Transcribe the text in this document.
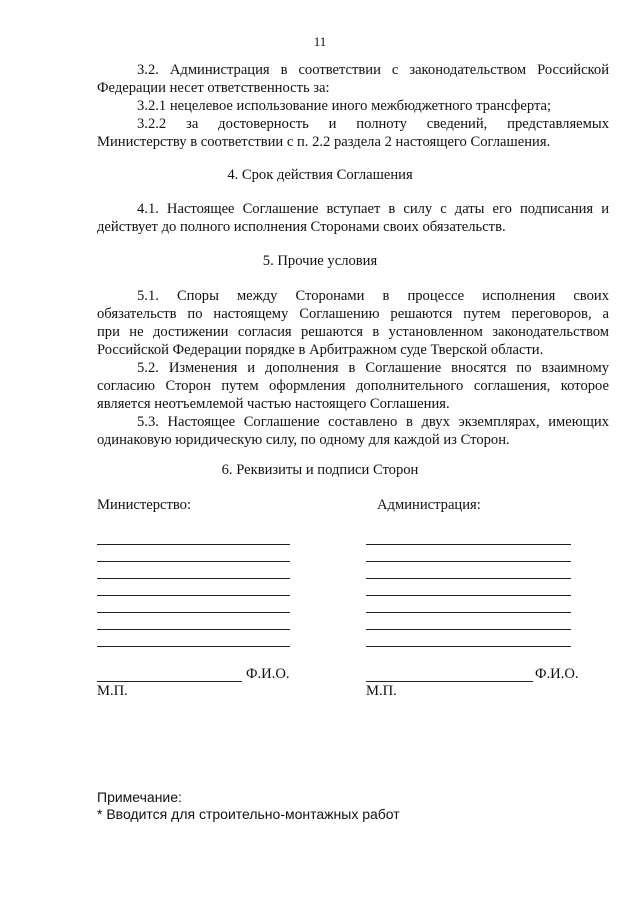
11
3.2. Администрация в соответствии с законодательством Российской
Федерации несет ответственность за:
3.2.1 нецелевое использование иного межбюджетного трансферта;
3.2.2 за достоверность и полноту сведений, представляемых
Министерству в соответствии с п. 2.2 раздела 2 настоящего Соглашения.
4. Срок действия Соглашения
4.1. Настоящее Соглашение вступает в силу с даты его подписания и
действует до полного исполнения Сторонами своих обязательств.
5. Прочие условия
5.1. Споры между Сторонами в процессе исполнения своих
обязательств по настоящему Соглашению решаются путем переговоров, а
при не достижении согласия решаются в установленном законодательством
Российской Федерации порядке в Арбитражном суде Тверской области.
5.2. Изменения и дополнения в Соглашение вносятся по взаимному
согласию Сторон путем оформления дополнительного соглашения, которое
является неотъемлемой частью настоящего Соглашения.
5.3. Настоящее Соглашение составлено в двух экземплярах, имеющих
одинаковую юридическую силу, по одному для каждой из Сторон.
6. Реквизиты и подписи Сторон
Министерство:	Администрация:
Ф.И.О.
М.П.
Ф.И.О.
М.П.
Примечание:
* Вводится для строительно-монтажных работ
